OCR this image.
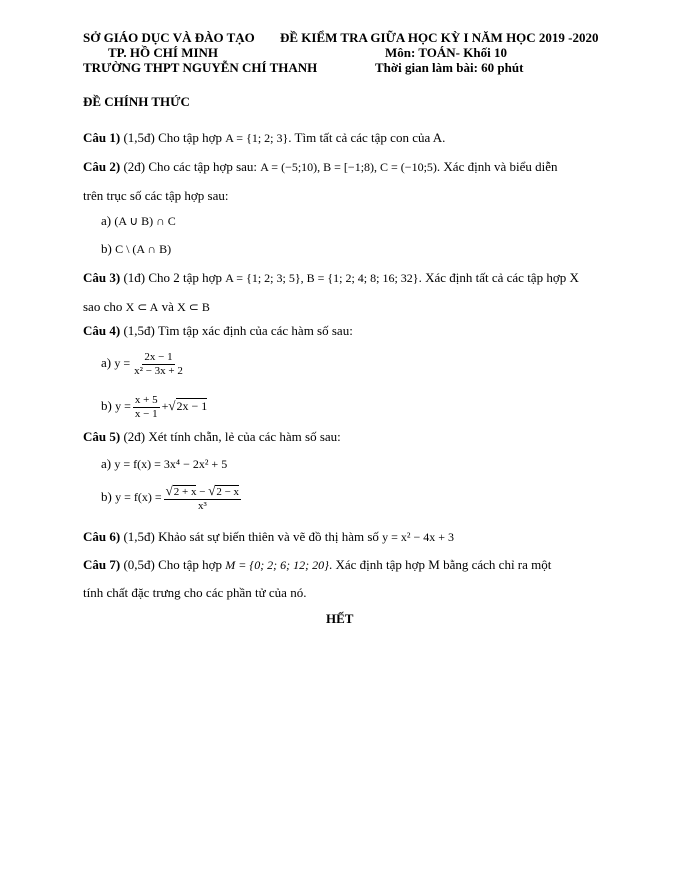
SỞ GIÁO DỤC VÀ ĐÀO TẠO
TP. HỒ CHÍ MINH
TRƯỜNG THPT NGUYỄN CHÍ THANH
ĐỀ KIỂM TRA GIỮA HỌC KỲ I NĂM HỌC 2019 -2020
Môn: TOÁN- Khối 10
Thời gian làm bài: 60 phút
ĐỀ CHÍNH THỨC
Câu 1) (1,5đ) Cho tập hợp A = {1; 2; 3}. Tìm tất cả các tập con của A.
Câu 2) (2đ) Cho các tập hợp sau: A = (−5;10), B = [−1;8), C = (−10;5). Xác định và biểu diễn
trên trục số các tập hợp sau:
a) (A ∪ B) ∩ C
b) C \ (A ∩ B)
Câu 3) (1đ) Cho 2 tập hợp A = {1; 2; 3; 5}, B = {1; 2; 4; 8; 16; 32}. Xác định tất cả các tập hợp X
sao cho X ⊂ A và X ⊂ B
Câu 4) (1,5đ) Tìm tập xác định của các hàm số sau:
a) $y = \frac{2x - 1}{\text{x² − 3x + 2}}$
b) $y = \frac{x + 5}{x - 1} +√2x - 1$
Câu 5) (2đ) Xét tính chẵn, lẻ của các hàm số sau:
a) y = f(x) = 3x⁴ − 2x² + 5
b) $y = f(x) = \frac{√2 + x - √2 - x}{\text{x³}}$
Câu 6) (1,5đ) Khảo sát sự biến thiên và vẽ đồ thị hàm số y = x² − 4x + 3
Câu 7) (0,5đ) Cho tập hợp M = {0; 2; 6; 12; 20}. Xác định tập hợp M bằng cách chỉ ra một
tính chất đặc trưng cho các phần tử của nó.
HẾT
